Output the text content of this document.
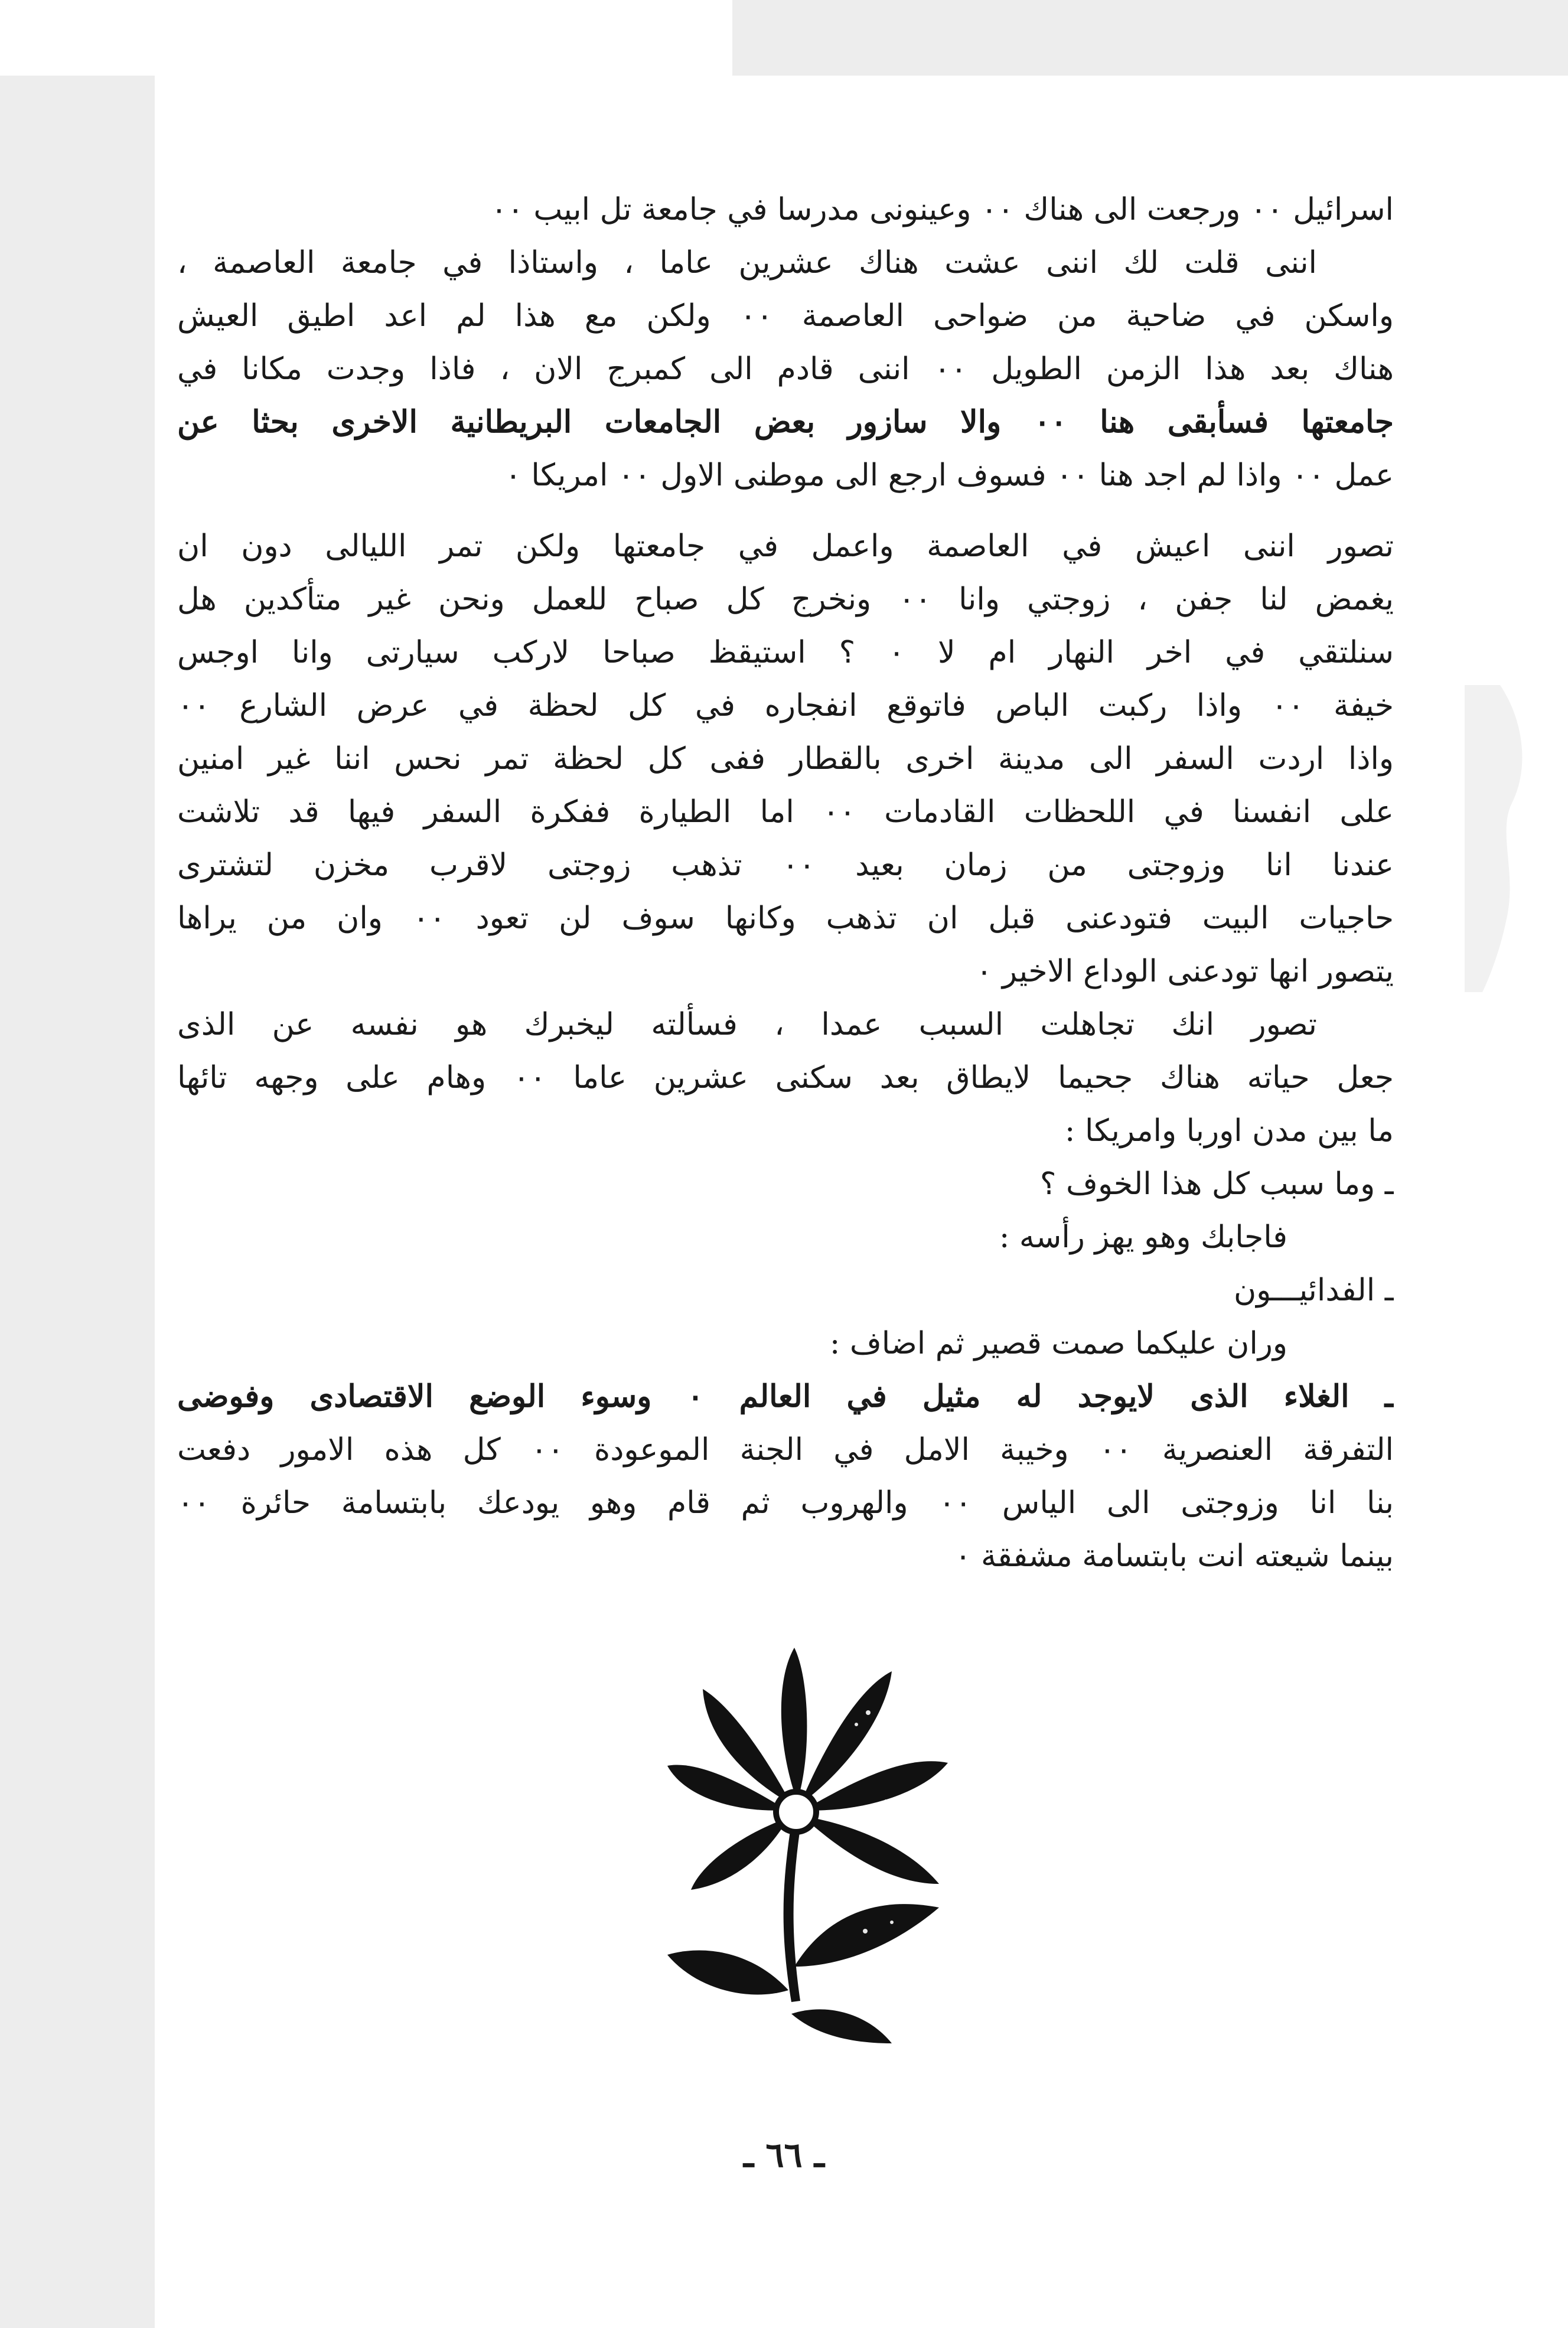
اسرائيل ٠٠ ورجعت الى هناك ٠٠ وعينونى مدرسا في جامعة تل ابيب ٠٠
اننى قلت لك اننى عشت هناك عشرين عاما ، واستاذا في جامعة العاصمة ،
واسكن في ضاحية من ضواحى العاصمة ٠٠ ولكن مع هذا لم اعد اطيق العيش
هناك بعد هذا الزمن الطويل ٠٠ اننى قادم الى كمبرج الان ، فاذا وجدت مكانا في
جامعتها فسأبقى هنا ٠٠ والا سازور بعض الجامعات البريطانية الاخرى بحثا عن
عمل ٠٠ واذا لم اجد هنا ٠٠ فسوف ارجع الى موطنى الاول ٠٠ امريكا ٠
تصور اننى اعيش في العاصمة واعمل في جامعتها ولكن تمر الليالى دون ان
يغمض لنا جفن ، زوجتي وانا ٠٠ ونخرج كل صباح للعمل ونحن غير متأكدين هل
سنلتقي في اخر النهار ام لا ٠ ؟ استيقظ صباحا لاركب سيارتى وانا اوجس
خيفة ٠٠ واذا ركبت الباص فاتوقع انفجاره في كل لحظة في عرض الشارع ٠٠
واذا اردت السفر الى مدينة اخرى بالقطار ففى كل لحظة تمر نحس اننا غير امنين
على انفسنا في اللحظات القادمات ٠٠ اما الطيارة ففكرة السفر فيها قد تلاشت
عندنا انا وزوجتى من زمان بعيد ٠٠ تذهب زوجتى لاقرب مخزن لتشترى
حاجيات البيت فتودعنى قبل ان تذهب وكانها سوف لن تعود ٠٠ وان من يراها
يتصور انها تودعنى الوداع الاخير ٠
تصور انك تجاهلت السبب عمدا ، فسألته ليخبرك هو نفسه عن الذى
جعل حياته هناك جحيما لايطاق بعد سكنى عشرين عاما ٠٠ وهام على وجهه تائها
ما بين مدن اوربا وامريكا :
ـ وما سبب كل هذا الخوف ؟
فاجابك وهو يهز رأسه :
ـ الفدائيـــون
وران عليكما صمت قصير ثم اضاف :
ـ الغلاء الذى لايوجد له مثيل في العالم ٠ وسوء الوضع الاقتصادى وفوضى
التفرقة العنصرية ٠٠ وخيبة الامل في الجنة الموعودة ٠٠ كل هذه الامور دفعت
بنا انا وزوجتى الى الياس ٠٠ والهروب ثم قام وهو يودعك بابتسامة حائرة ٠٠
بينما شيعته انت بابتسامة مشفقة ٠
ـ ٦٦ ـ
